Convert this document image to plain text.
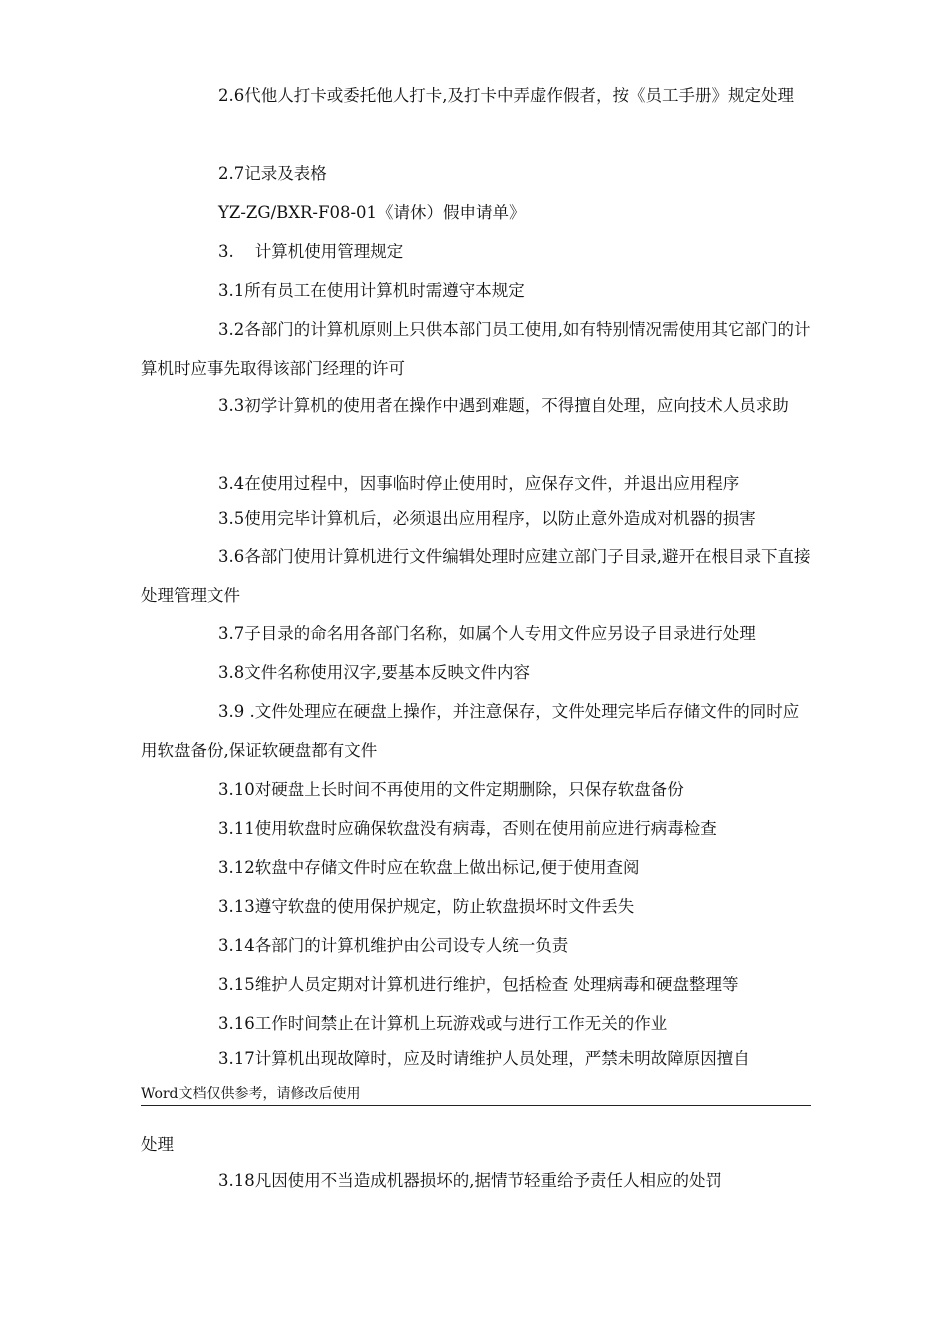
2.6代他人打卡或委托他人打卡,及打卡中弄虚作假者，按《员工手册》规定处理
2.7记录及表格
YZ-ZG/BXR-F08-01《请休）假申请单》
3.    计算机使用管理规定
3.1所有员工在使用计算机时需遵守本规定
3.2各部门的计算机原则上只供本部门员工使用,如有特别情况需使用其它部门的计算机时应事先取得该部门经理的许可
3.3初学计算机的使用者在操作中遇到难题，不得擅自处理，应向技术人员求助
3.4在使用过程中，因事临时停止使用时，应保存文件，并退出应用程序
3.5使用完毕计算机后，必须退出应用程序，以防止意外造成对机器的损害
3.6各部门使用计算机进行文件编辑处理时应建立部门子目录,避开在根目录下直接处理管理文件
3.7子目录的命名用各部门名称，如属个人专用文件应另设子目录进行处理
3.8文件名称使用汉字,要基本反映文件内容
3.9 .文件处理应在硬盘上操作，并注意保存，文件处理完毕后存储文件的同时应用软盘备份,保证软硬盘都有文件
3.10对硬盘上长时间不再使用的文件定期删除，只保存软盘备份
3.11使用软盘时应确保软盘没有病毒，否则在使用前应进行病毒检查
3.12软盘中存储文件时应在软盘上做出标记,便于使用查阅
3.13遵守软盘的使用保护规定，防止软盘损坏时文件丢失
3.14各部门的计算机维护由公司设专人统一负责
3.15维护人员定期对计算机进行维护，包括检查 处理病毒和硬盘整理等
3.16工作时间禁止在计算机上玩游戏或与进行工作无关的作业
3.17计算机出现故障时，应及时请维护人员处理，严禁未明故障原因擅自
Word文档仅供参考，请修改后使用
处理
3.18凡因使用不当造成机器损坏的,据情节轻重给予责任人相应的处罚
